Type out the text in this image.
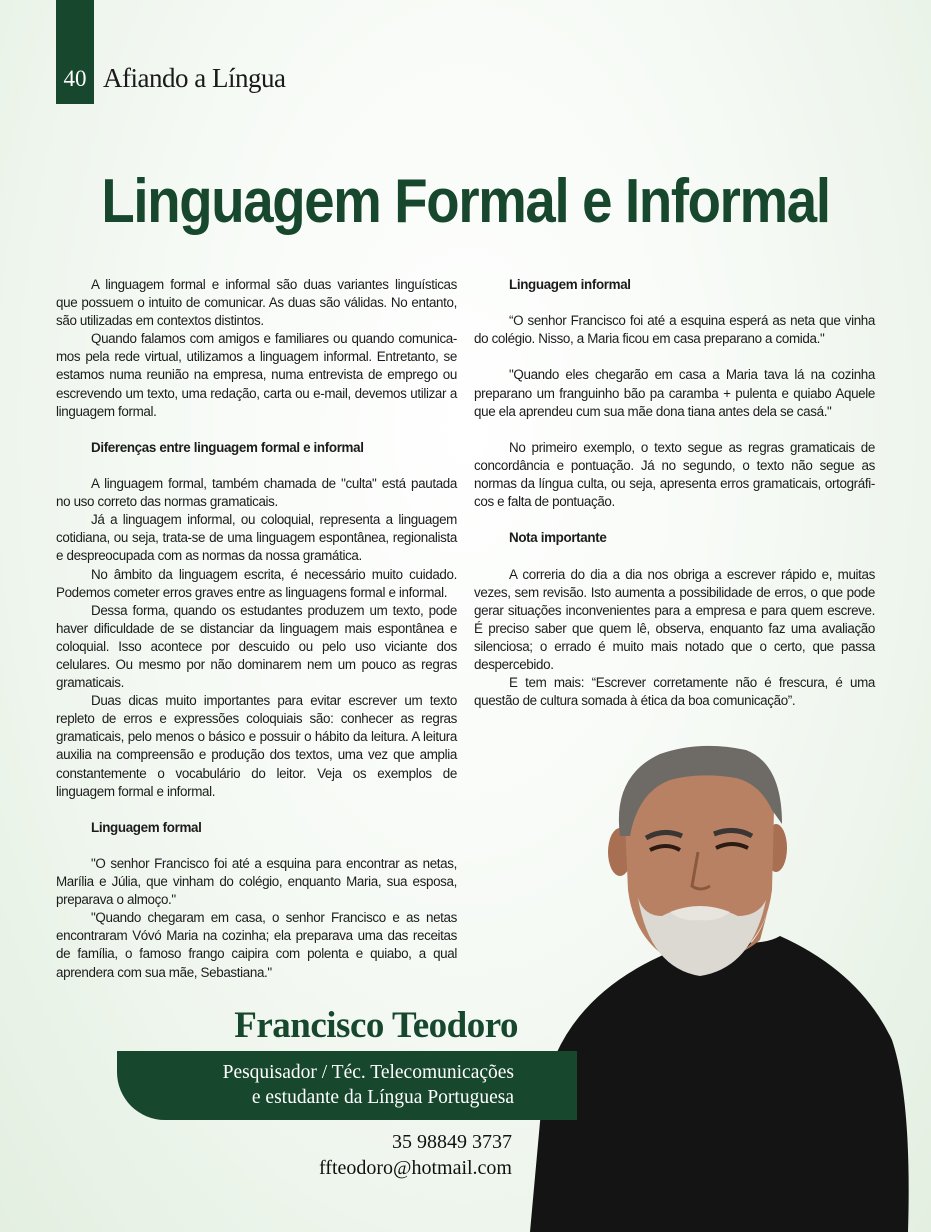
40 Afiando a Língua
Linguagem Formal e Informal

A linguagem formal e informal são duas variantes linguísticas que possuem o intuito de comunicar. As duas são válidas. No entanto, são utilizadas em contextos distintos.

Quando falamos com amigos e familiares ou quando comunica-mos pela rede virtual, utilizamos a linguagem informal. Entretanto, se estamos numa reunião na empresa, numa entrevista de emprego ou escrevendo um texto, uma redação, carta ou e-mail, devemos utilizar a linguagem formal.

Diferenças entre linguagem formal e informal

A linguagem formal, também chamada de "culta" está pautada no uso correto das normas gramaticais.

Já a linguagem informal, ou coloquial, representa a linguagem cotidiana, ou seja, trata-se de uma linguagem espontânea, regionalista e despreocupada com as normas da nossa gramática.

No âmbito da linguagem escrita, é necessário muito cuidado. Podemos cometer erros graves entre as linguagens formal e informal.

Dessa forma, quando os estudantes produzem um texto, pode haver dificuldade de se distanciar da linguagem mais espontânea e coloquial. Isso acontece por descuido ou pelo uso viciante dos celulares. Ou mesmo por não dominarem nem um pouco as regras gramaticais.

Duas dicas muito importantes para evitar escrever um texto repleto de erros e expressões coloquiais são: conhecer as regras gramaticais, pelo menos o básico e possuir o hábito da leitura. A leitura auxilia na compreensão e produção dos textos, uma vez que amplia constantemente o vocabulário do leitor. Veja os exemplos de linguagem formal e informal.

Linguagem formal

"O senhor Francisco foi até a esquina para encontrar as netas, Marília e Júlia, que vinham do colégio, enquanto Maria, sua esposa, preparava o almoço."

"Quando chegaram em casa, o senhor Francisco e as netas encontraram Vóvó Maria na cozinha; ela preparava uma das receitas de família, o famoso frango caipira com polenta e quiabo, a qual aprendera com sua mãe, Sebastiana."

Linguagem informal

“O senhor Francisco foi até a esquina esperá as neta que vinha do colégio. Nisso, a Maria ficou em casa preparano a comida."

"Quando eles chegarão em casa a Maria tava lá na cozinha preparano um franguinho bão pa caramba + pulenta e quiabo Aquele que ela aprendeu cum sua mãe dona tiana antes dela se casá."

No primeiro exemplo, o texto segue as regras gramaticais de concordância e pontuação. Já no segundo, o texto não segue as normas da língua culta, ou seja, apresenta erros gramaticais, ortográfi-cos e falta de pontuação.

Nota importante

A correria do dia a dia nos obriga a escrever rápido e, muitas vezes, sem revisão. Isto aumenta a possibilidade de erros, o que pode gerar situações inconvenientes para a empresa e para quem escreve. É preciso saber que quem lê, observa, enquanto faz uma avaliação silenciosa; o errado é muito mais notado que o certo, que passa despercebido.

E tem mais: “Escrever corretamente não é frescura, é uma questão de cultura somada à ética da boa comunicação”.

Francisco Teodoro
Pesquisador / Téc. Telecomunicações
e estudante da Língua Portuguesa
35 98849 3737
ffteodoro@hotmail.com
